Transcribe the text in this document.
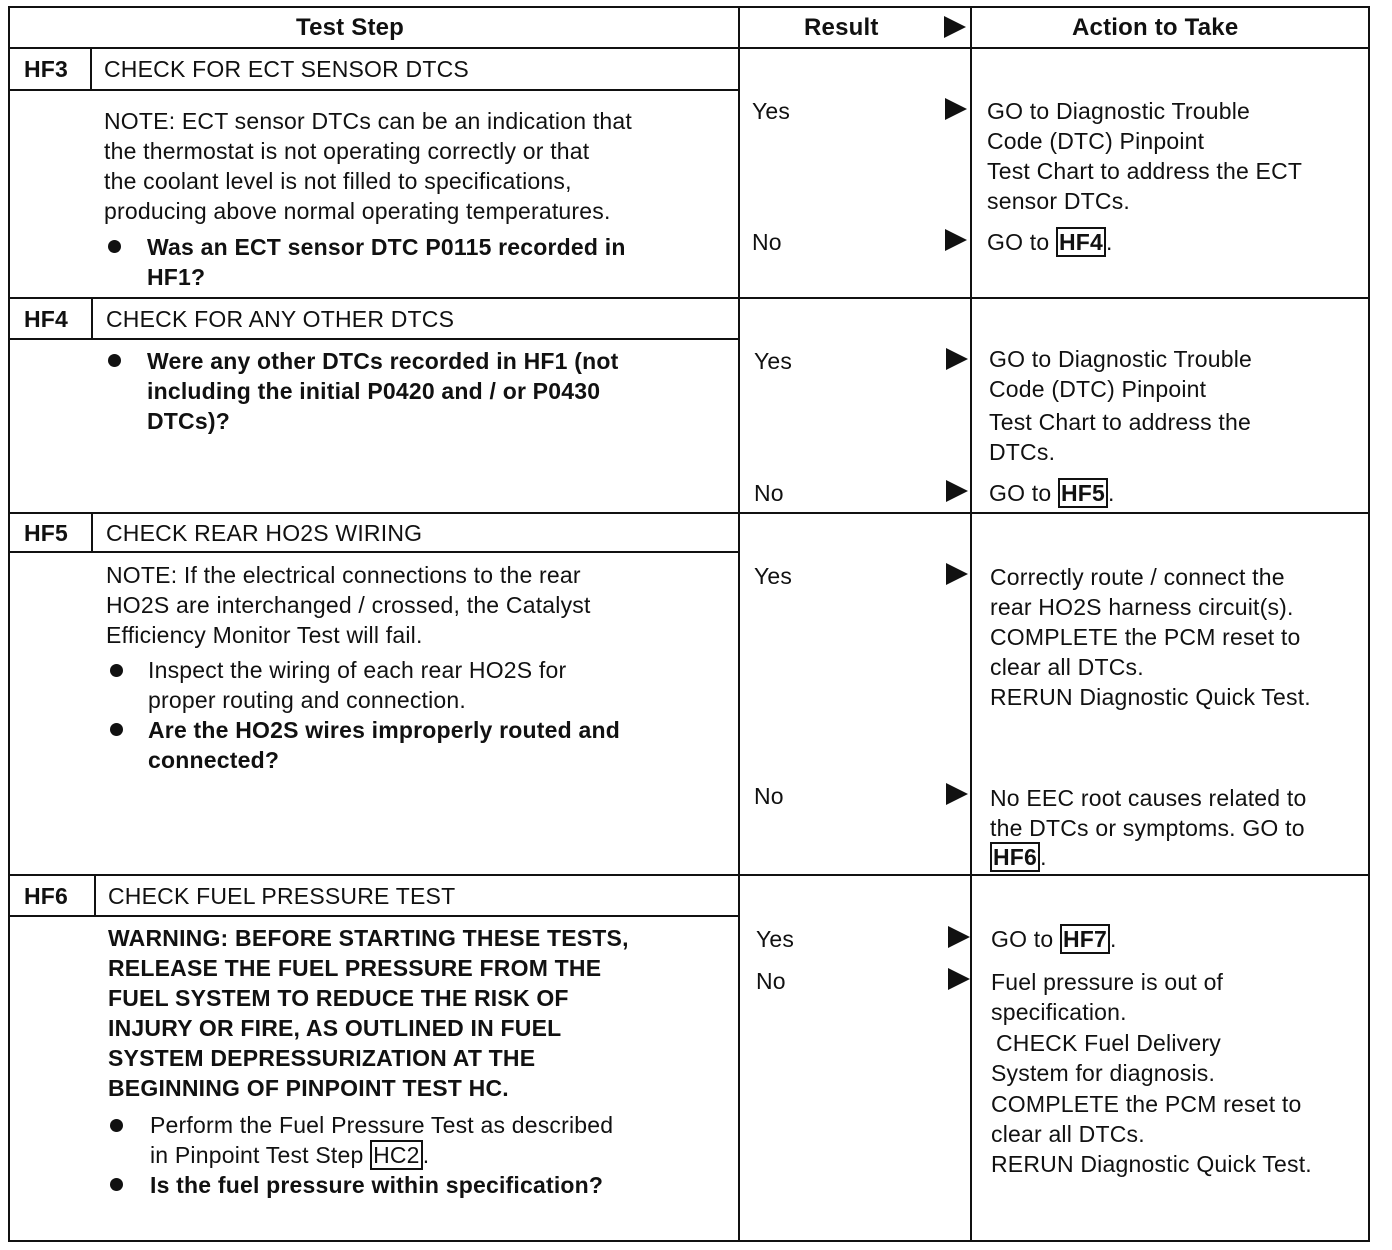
Test Step	Result	Action to Take
HF3 CHECK FOR ECT SENSOR DTCS
NOTE: ECT sensor DTCs can be an indication that
the thermostat is not operating correctly or that
the coolant level is not filled to specifications,
producing above normal operating temperatures.
Was an ECT sensor DTC P0115 recorded in
HF1?
Yes	GO to Diagnostic Trouble
Code (DTC) Pinpoint
Test Chart to address the ECT
sensor DTCs.
No	GO to HF4 .
HF4 CHECK FOR ANY OTHER DTCS
Were any other DTCs recorded in HF1 (not
including the initial P0420 and / or P0430
DTCs)?
Yes	GO to Diagnostic Trouble
Code (DTC) Pinpoint
Test Chart to address the
DTCs.
No	GO to HF5 .
HF5 CHECK REAR HO2S WIRING
NOTE: If the electrical connections to the rear
HO2S are interchanged / crossed, the Catalyst
Efficiency Monitor Test will fail.
Inspect the wiring of each rear HO2S for
proper routing and connection.
Are the HO2S wires improperly routed and
connected?
Yes	Correctly route / connect the
rear HO2S harness circuit(s).
COMPLETE the PCM reset to
clear all DTCs.
RERUN Diagnostic Quick Test.
No	No EEC root causes related to
the DTCs or symptoms. GO to
HF6 .
HF6 CHECK FUEL PRESSURE TEST
WARNING: BEFORE STARTING THESE TESTS,
RELEASE THE FUEL PRESSURE FROM THE
FUEL SYSTEM TO REDUCE THE RISK OF
INJURY OR FIRE, AS OUTLINED IN FUEL
SYSTEM DEPRESSURIZATION AT THE
BEGINNING OF PINPOINT TEST HC.
Perform the Fuel Pressure Test as described
in Pinpoint Test Step HC2 .
Is the fuel pressure within specification?
Yes	GO to HF7 .
No	Fuel pressure is out of
specification.
CHECK Fuel Delivery
System for diagnosis.
COMPLETE the PCM reset to
clear all DTCs.
RERUN Diagnostic Quick Test.
